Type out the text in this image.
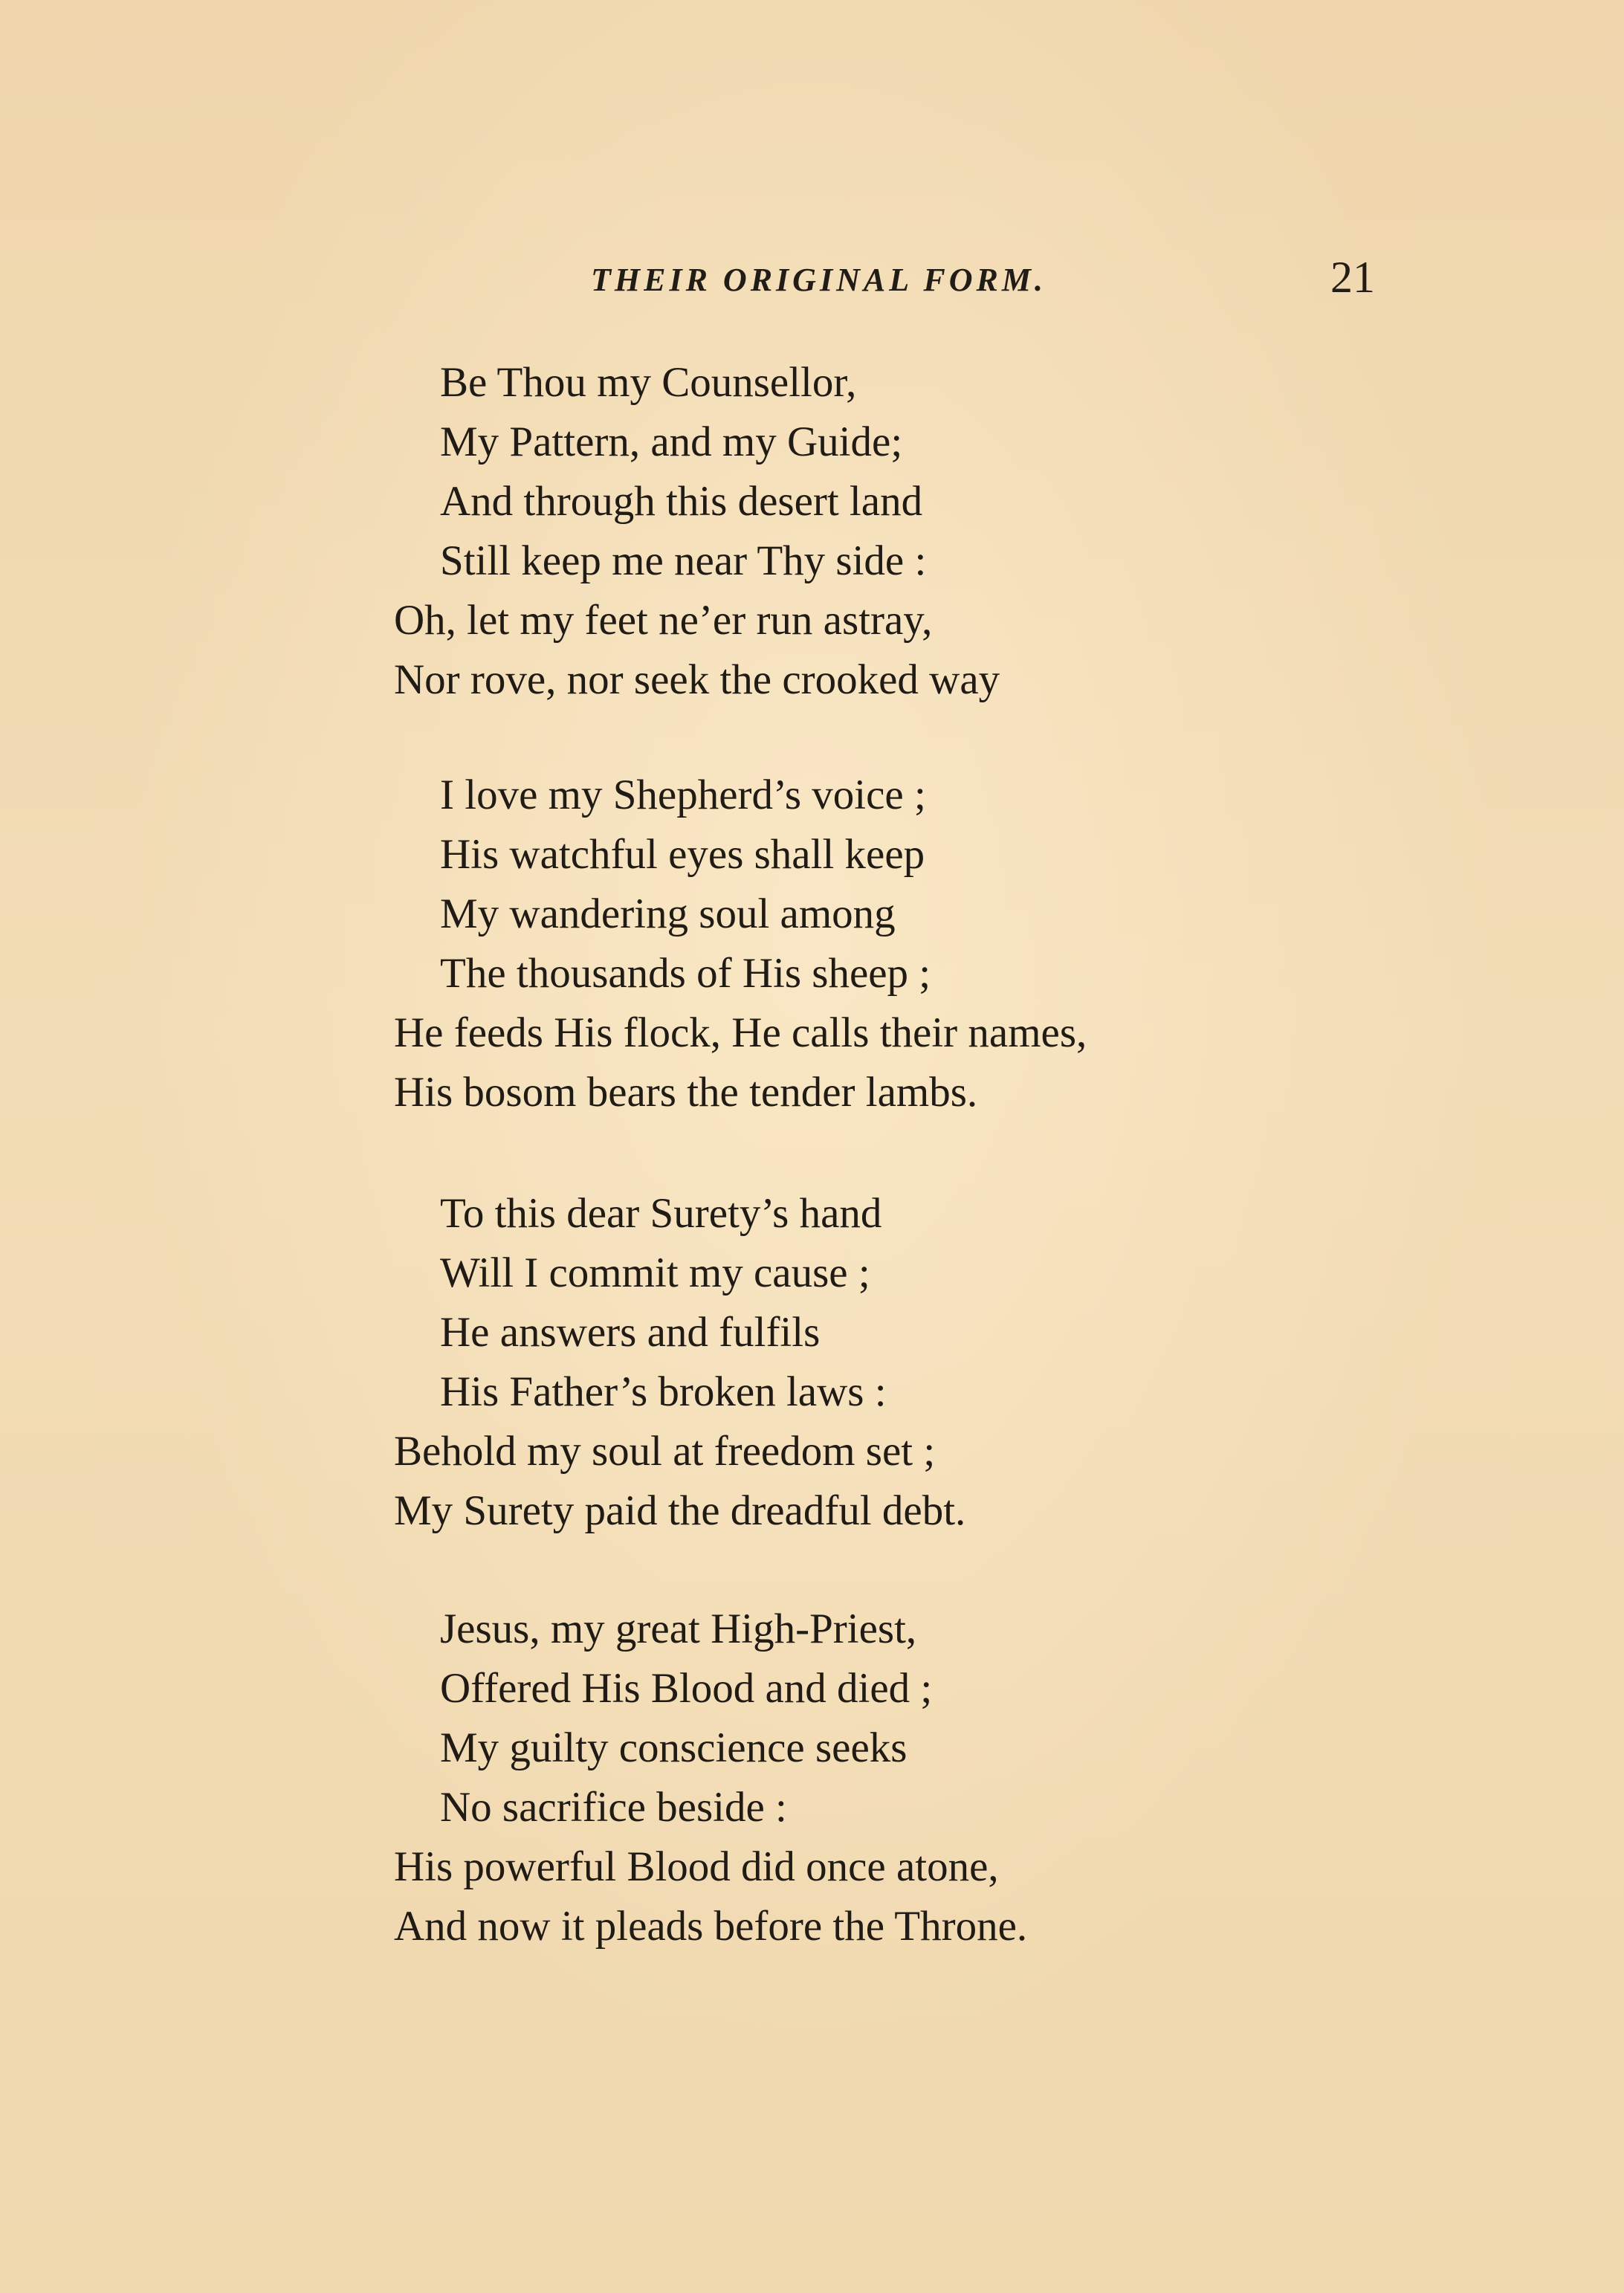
THEIR ORIGINAL FORM.	21
Be Thou my Counsellor,
My Pattern, and my Guide;
And through this desert land
Still keep me near Thy side :
Oh, let my feet ne’er run astray,
Nor rove, nor seek the crooked way
I love my Shepherd’s voice ;
His watchful eyes shall keep
My wandering soul among
The thousands of His sheep ;
He feeds His flock, He calls their names,
His bosom bears the tender lambs.
To this dear Surety’s hand
Will I commit my cause ;
He answers and fulfils
His Father’s broken laws :
Behold my soul at freedom set ;
My Surety paid the dreadful debt.
Jesus, my great High-Priest,
Offered His Blood and died ;
My guilty conscience seeks
No sacrifice beside :
His powerful Blood did once atone,
And now it pleads before the Throne.
